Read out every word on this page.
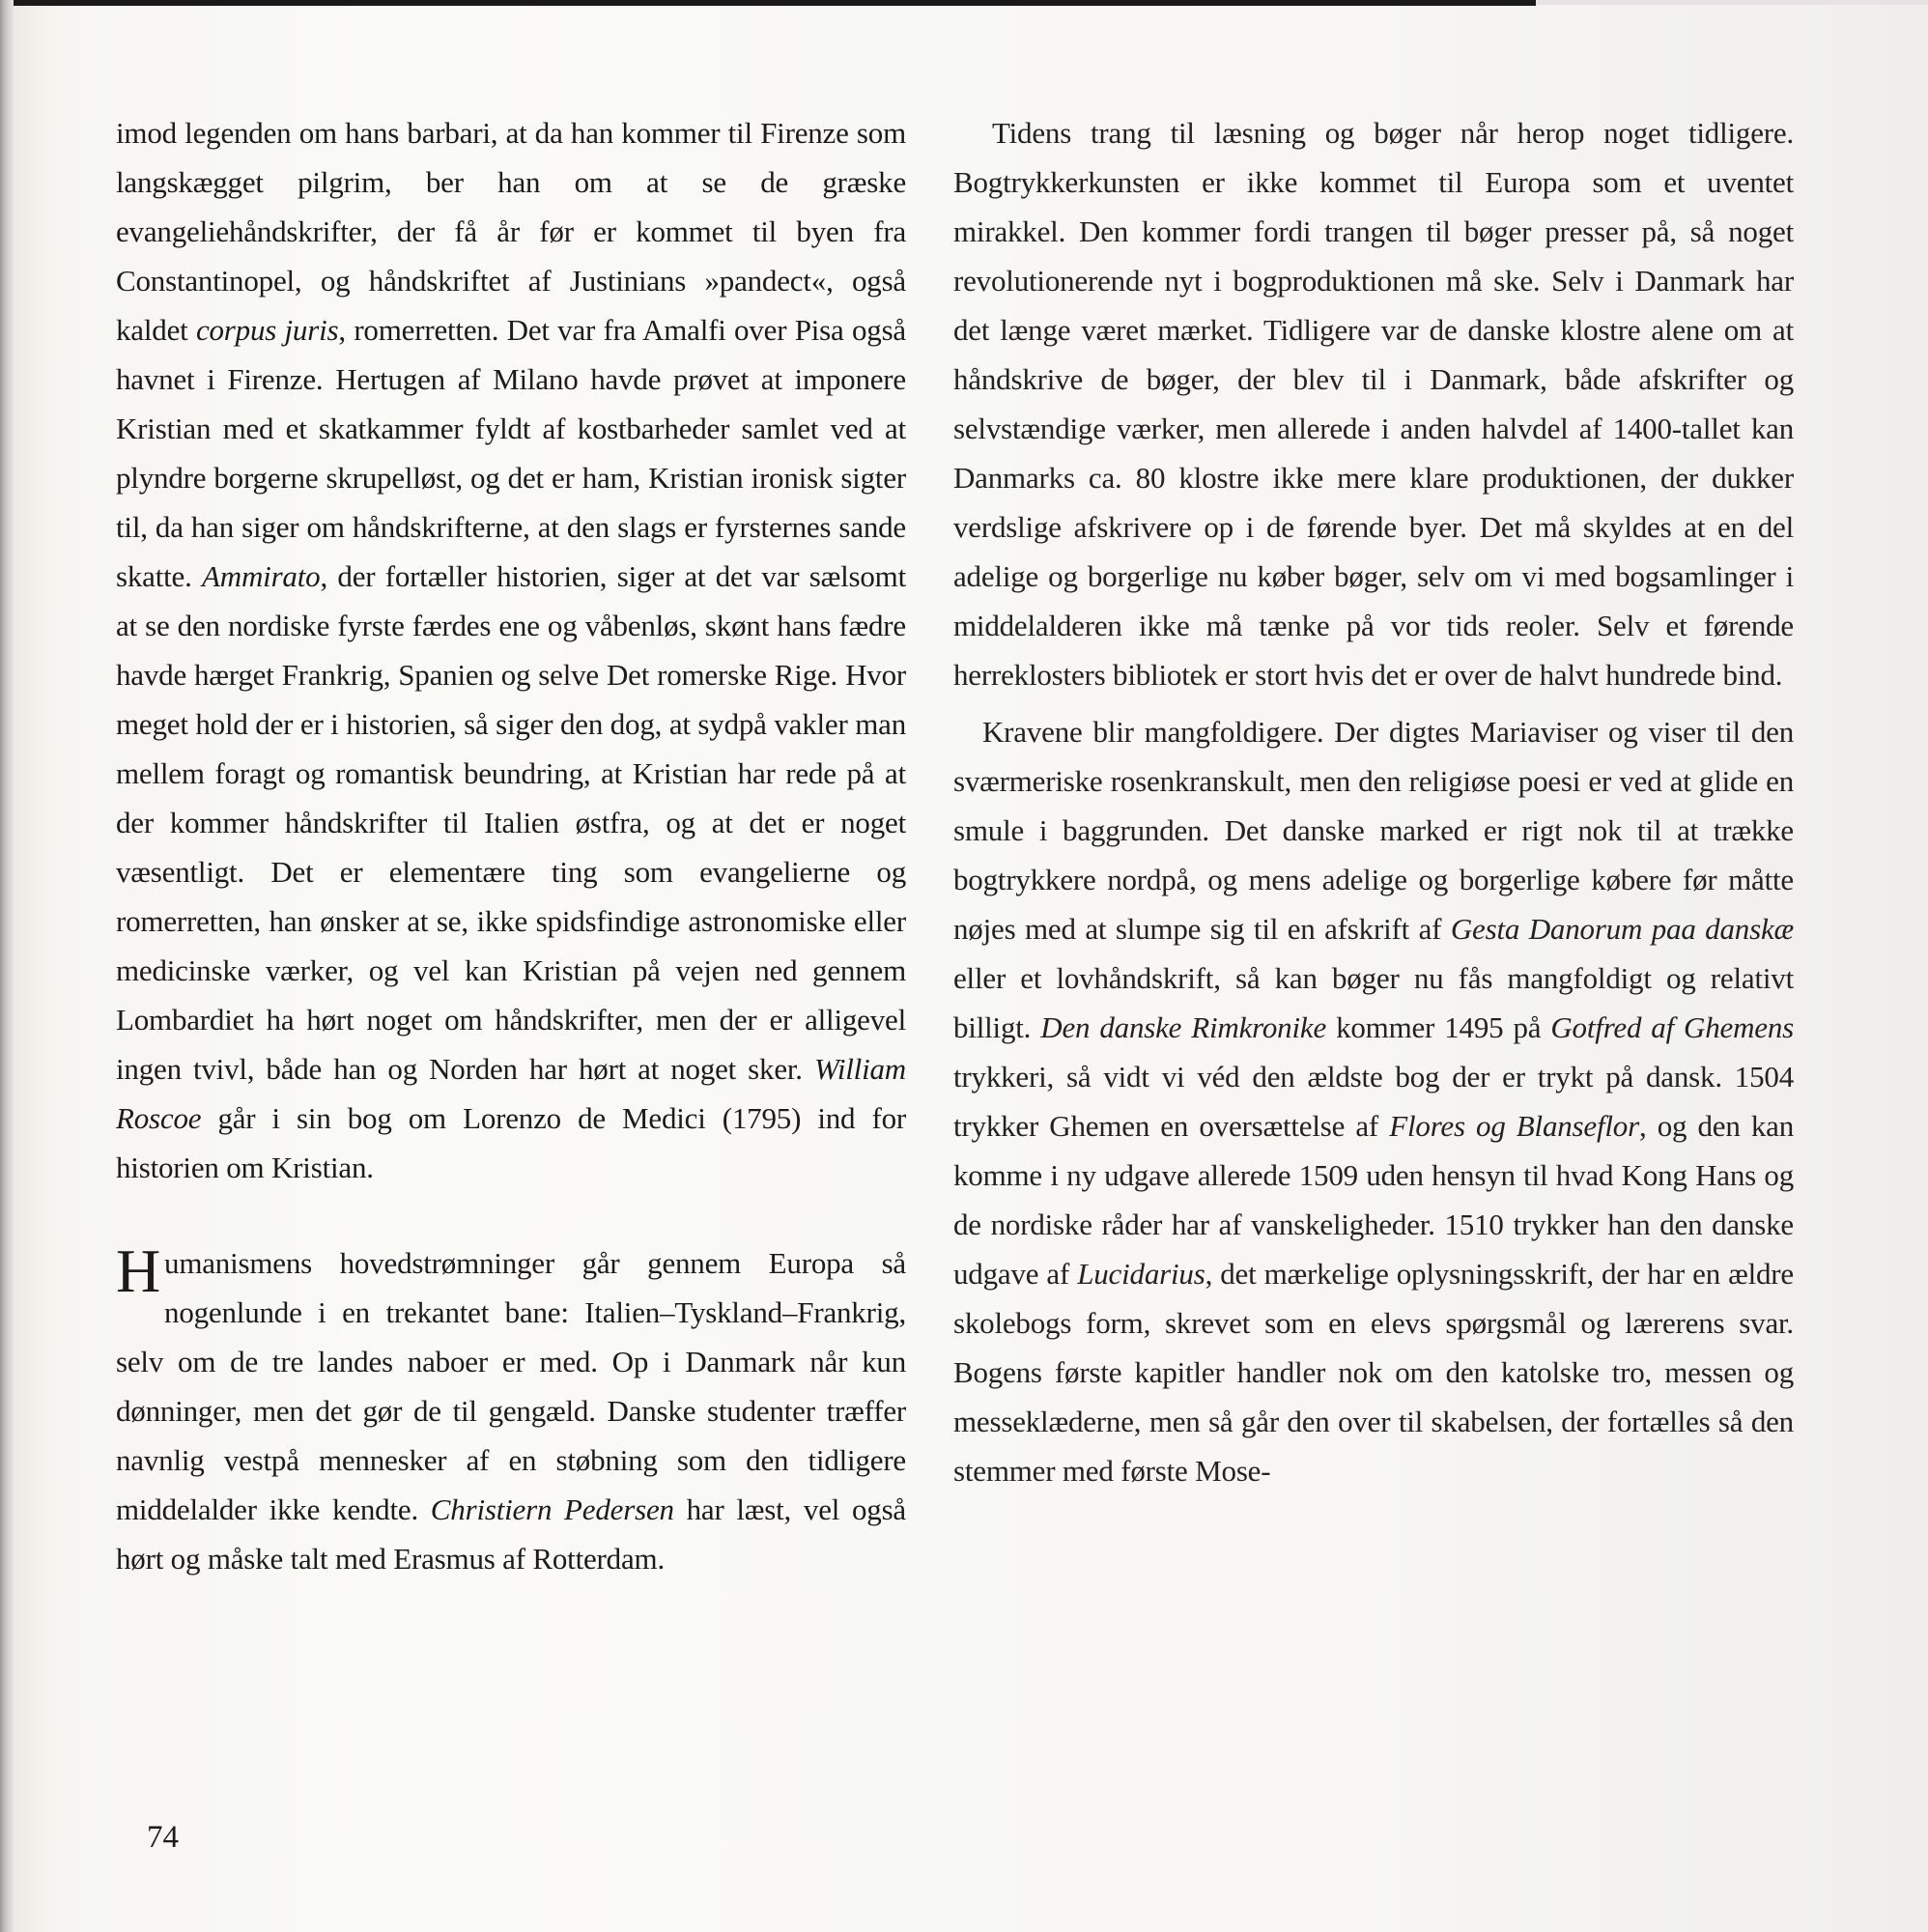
imod legenden om hans barbari, at da han kommer til Firenze som langskægget pilgrim, ber han om at se de græske evangeliehåndskrifter, der få år før er kommet til byen fra Constantinopel, og håndskriftet af Justinians »pandect«, også kaldet corpus juris, romerretten. Det var fra Amalfi over Pisa også havnet i Firenze. Hertugen af Milano havde prøvet at imponere Kristian med et skatkammer fyldt af kostbarheder samlet ved at plyndre borgerne skrupelløst, og det er ham, Kristian ironisk sigter til, da han siger om håndskrifterne, at den slags er fyrsternes sande skatte. Ammirato, der fortæller historien, siger at det var sælsomt at se den nordiske fyrste færdes ene og våbenløs, skønt hans fædre havde hærget Frankrig, Spanien og selve Det romerske Rige. Hvor meget hold der er i historien, så siger den dog, at sydpå vakler man mellem foragt og romantisk beundring, at Kristian har rede på at der kommer håndskrifter til Italien østfra, og at det er noget væsentligt. Det er elementære ting som evangelierne og romerretten, han ønsker at se, ikke spidsfindige astronomiske eller medicinske værker, og vel kan Kristian på vejen ned gennem Lombardiet ha hørt noget om håndskrifter, men der er alligevel ingen tvivl, både han og Norden har hørt at noget sker. William Roscoe går i sin bog om Lorenzo de Medici (1795) ind for historien om Kristian.

Humanismens hovedstrømninger går gennem Europa så nogenlunde i en trekantet bane: Italien–Tyskland–Frankrig, selv om de tre landes naboer er med. Op i Danmark når kun dønninger, men det gør de til gengæld. Danske studenter træffer navnlig vestpå mennesker af en støbning som den tidligere middelalder ikke kendte. Christiern Pedersen har læst, vel også hørt og måske talt med Erasmus af Rotterdam.

Tidens trang til læsning og bøger når herop noget tidligere. Bogtrykkerkunsten er ikke kommet til Europa som et uventet mirakkel. Den kommer fordi trangen til bøger presser på, så noget revolutionerende nyt i bogproduktionen må ske. Selv i Danmark har det længe været mærket. Tidligere var de danske klostre alene om at håndskrive de bøger, der blev til i Danmark, både afskrifter og selvstændige værker, men allerede i anden halvdel af 1400-tallet kan Danmarks ca. 80 klostre ikke mere klare produktionen, der dukker verdslige afskrivere op i de førende byer. Det må skyldes at en del adelige og borgerlige nu køber bøger, selv om vi med bogsamlinger i middelalderen ikke må tænke på vor tids reoler. Selv et førende herreklosters bibliotek er stort hvis det er over de halvt hundrede bind.

Kravene blir mangfoldigere. Der digtes Mariaviser og viser til den sværmeriske rosenkranskult, men den religiøse poesi er ved at glide en smule i baggrunden. Det danske marked er rigt nok til at trække bogtrykkere nordpå, og mens adelige og borgerlige købere før måtte nøjes med at slumpe sig til en afskrift af Gesta Danorum paa danskæ eller et lovhåndskrift, så kan bøger nu fås mangfoldigt og relativt billigt. Den danske Rimkronike kommer 1495 på Gotfred af Ghemens trykkeri, så vidt vi véd den ældste bog der er trykt på dansk. 1504 trykker Ghemen en oversættelse af Flores og Blanseflor, og den kan komme i ny udgave allerede 1509 uden hensyn til hvad Kong Hans og de nordiske råder har af vanskeligheder. 1510 trykker han den danske udgave af Lucidarius, det mærkelige oplysningsskrift, der har en ældre skolebogs form, skrevet som en elevs spørgsmål og lærerens svar. Bogens første kapitler handler nok om den katolske tro, messen og messeklæderne, men så går den over til skabelsen, der fortælles så den stemmer med første Mose-

74
